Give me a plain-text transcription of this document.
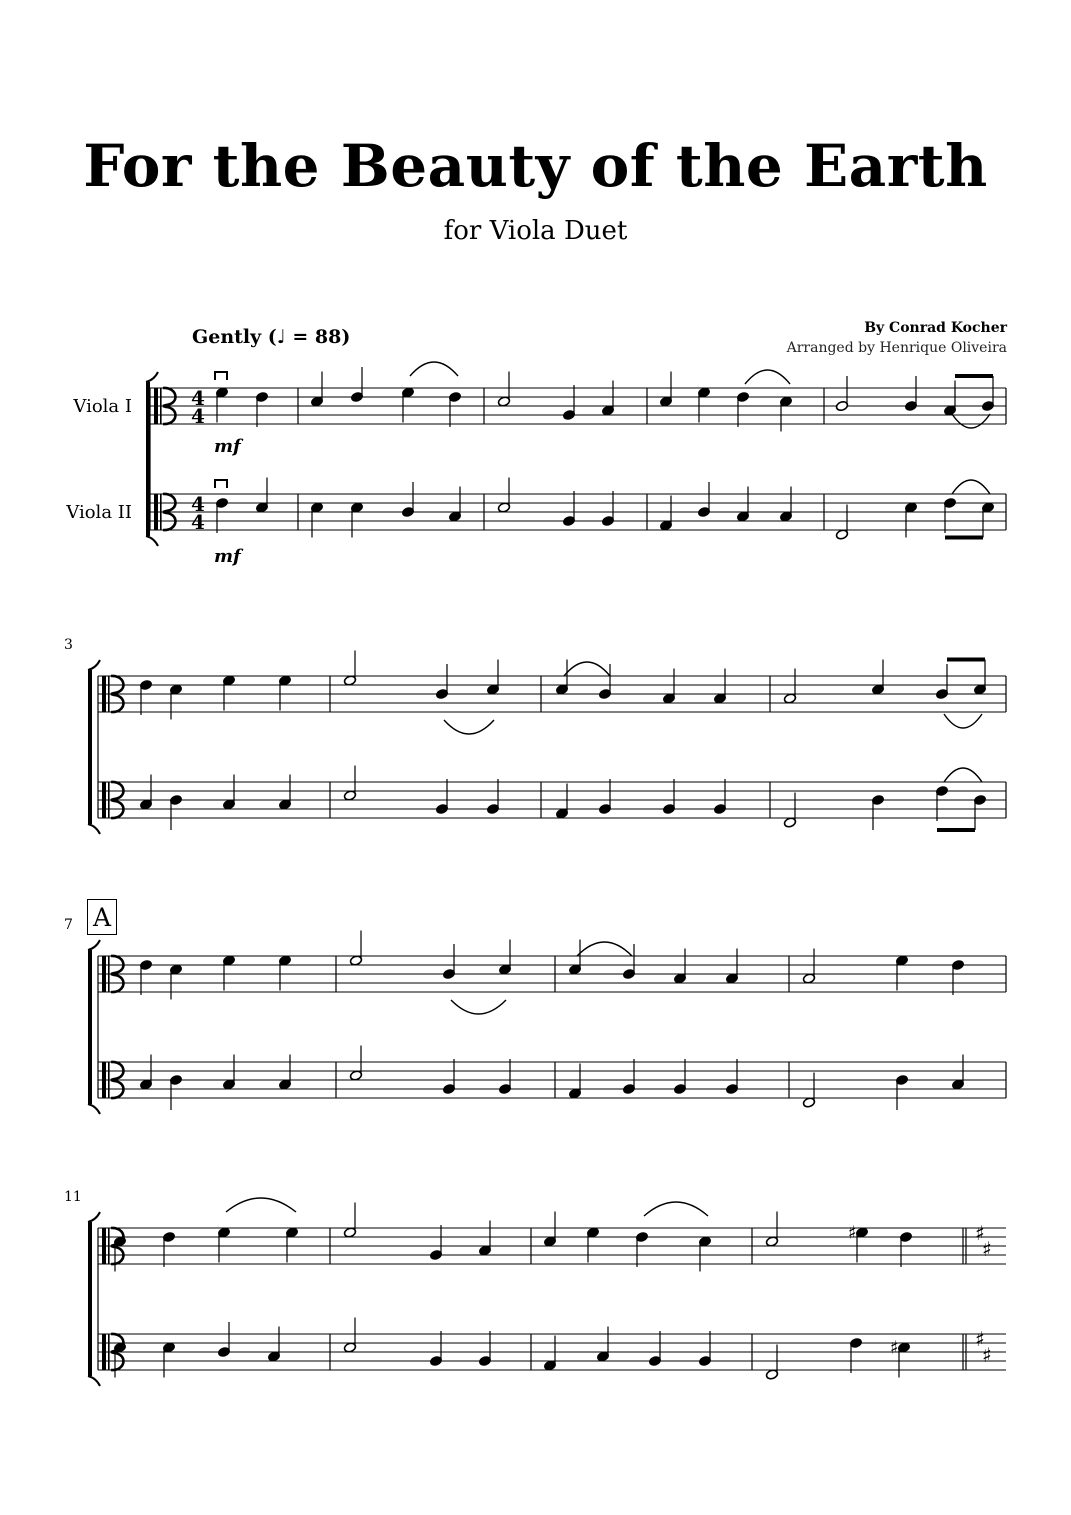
For the Beauty of the Earth
for Viola Duet
By Conrad Kocher
Arranged by Henrique Oliveira
Gently (♩ = 88)
Viola I
Viola II
3
7
11
A
4
4
4
4
mf
mf
♯
♯
♯
♯
♯
♯
